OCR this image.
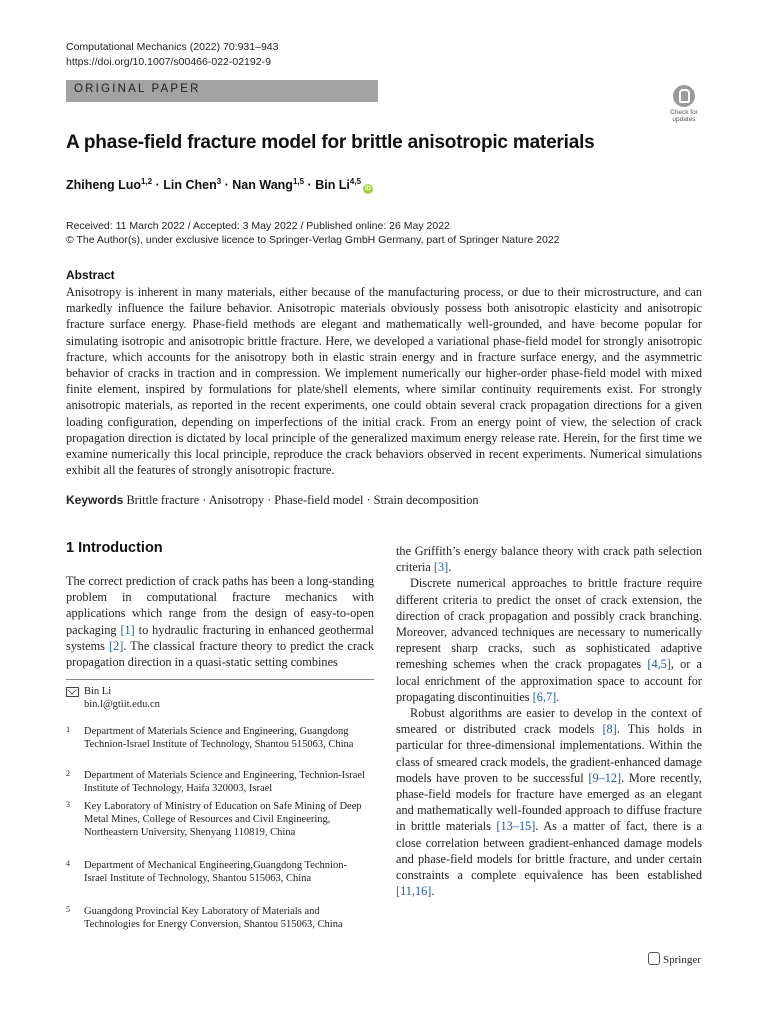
Computational Mechanics (2022) 70:931–943
https://doi.org/10.1007/s00466-022-02192-9
ORIGINAL PAPER
Check for
updates
A phase-field fracture model for brittle anisotropic materials
Zhiheng Luo$^{1,2}$ · Lin Chen$^3$ · Nan Wang$^{1,5}$ · Bin Li$^{4,5}$iD
Received: 11 March 2022 / Accepted: 3 May 2022 / Published online: 26 May 2022
© The Author(s), under exclusive licence to Springer-Verlag GmbH Germany, part of Springer Nature 2022
Abstract
Anisotropy is inherent in many materials, either because of the manufacturing process, or due to their microstructure, and can markedly influence the failure behavior. Anisotropic materials obviously possess both anisotropic elasticity and anisotropic fracture surface energy. Phase-field methods are elegant and mathematically well-grounded, and have become popular for simulating isotropic and anisotropic brittle fracture. Here, we developed a variational phase-field model for strongly anisotropic fracture, which accounts for the anisotropy both in elastic strain energy and in fracture surface energy, and the asymmetric behavior of cracks in traction and in compression. We implement numerically our higher-order phase-field model with mixed finite element, inspired by formulations for plate/shell elements, where similar continuity requirements exist. For strongly anisotropic materials, as reported in the recent experiments, one could obtain several crack propagation directions for a given loading configuration, depending on imperfections of the initial crack. From an energy point of view, the selection of crack propagation direction is dictated by local principle of the generalized maximum energy release rate. Herein, for the first time we examine numerically this local principle, reproduce the crack behaviors observed in recent experiments. Numerical simulations exhibit all the features of strongly anisotropic fracture.
Keywords Brittle fracture · Anisotropy · Phase-field model · Strain decomposition
1 Introduction

The correct prediction of crack paths has been a long-standing problem in computational fracture mechanics with applications which range from the design of easy-to-open packaging [1] to hydraulic fracturing in enhanced geothermal systems [2]. The classical fracture theory to predict the crack propagation direction in a quasi-static setting combines

the Griffith’s energy balance theory with crack path selection criteria [3].

Discrete numerical approaches to brittle fracture require different criteria to predict the onset of crack extension, the direction of crack propagation and possibly crack branching. Moreover, advanced techniques are necessary to numerically represent sharp cracks, such as sophisticated adaptive remeshing schemes when the crack propagates [4,5], or a local enrichment of the approximation space to account for propagating discontinuities [6,7].

Robust algorithms are easier to develop in the context of smeared or distributed crack models [8]. This holds in particular for three-dimensional implementations. Within the class of smeared crack models, the gradient-enhanced damage models have proven to be successful [9–12]. More recently, phase-field models for fracture have emerged as an elegant and mathematically well-founded approach to diffuse fracture in brittle materials [13–15]. As a matter of fact, there is a close correlation between gradient-enhanced damage models and phase-field models for brittle fracture, and under certain constraints a complete equivalence has been established [11,16].

Bin Li
bin.l@gtiit.edu.cn
1 Department of Materials Science and Engineering, Guangdong Technion-Israel Institute of Technology, Shantou 515063, China
2 Department of Materials Science and Engineering, Technion-Israel Institute of Technology, Haifa 320003, Israel
3 Key Laboratory of Ministry of Education on Safe Mining of Deep Metal Mines, College of Resources and Civil Engineering, Northeastern University, Shenyang 110819, China
4 Department of Mechanical Engineering,Guangdong Technion-Israel Institute of Technology, Shantou 515063, China
5 Guangdong Provincial Key Laboratory of Materials and Technologies for Energy Conversion, Shantou 515063, China
Springer
